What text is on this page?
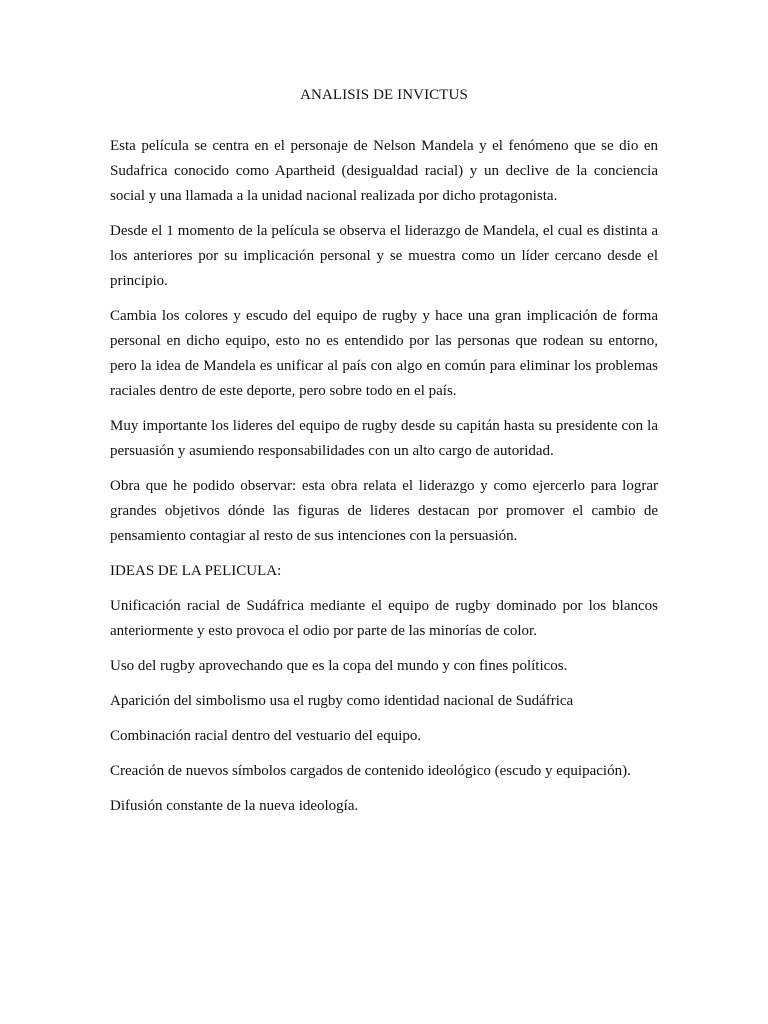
ANALISIS DE INVICTUS

Esta película se centra en el personaje de Nelson Mandela y el fenómeno que se dio en Sudafrica conocido como Apartheid (desigualdad racial) y un declive de la conciencia social y una llamada a la unidad nacional realizada por dicho protagonista.

Desde el 1 momento de la película se observa el liderazgo de Mandela, el cual es distinta a los anteriores por su implicación personal y se muestra como un líder cercano desde el principio.

Cambia los colores y escudo del equipo de rugby y hace una gran implicación de forma personal en dicho equipo, esto no es entendido por las personas que rodean su entorno, pero la idea de Mandela es unificar al país con algo en común para eliminar los problemas raciales dentro de este deporte, pero sobre todo en el país.

Muy importante los lideres del equipo de rugby desde su capitán hasta su presidente con la persuasión y asumiendo responsabilidades con un alto cargo de autoridad.

Obra que he podido observar: esta obra relata el liderazgo y como ejercerlo para lograr grandes objetivos dónde las figuras de lideres destacan por promover el cambio de pensamiento contagiar al resto de sus intenciones con la persuasión.

IDEAS DE LA PELICULA:

Unificación racial de Sudáfrica mediante el equipo de rugby dominado por los blancos anteriormente y esto provoca el odio por parte de las minorías de color.

Uso del rugby aprovechando que es la copa del mundo y con fines políticos.

Aparición del simbolismo usa el rugby como identidad nacional de Sudáfrica

Combinación racial dentro del vestuario del equipo.

Creación de nuevos símbolos cargados de contenido ideológico (escudo y equipación).

Difusión constante de la nueva ideología.
